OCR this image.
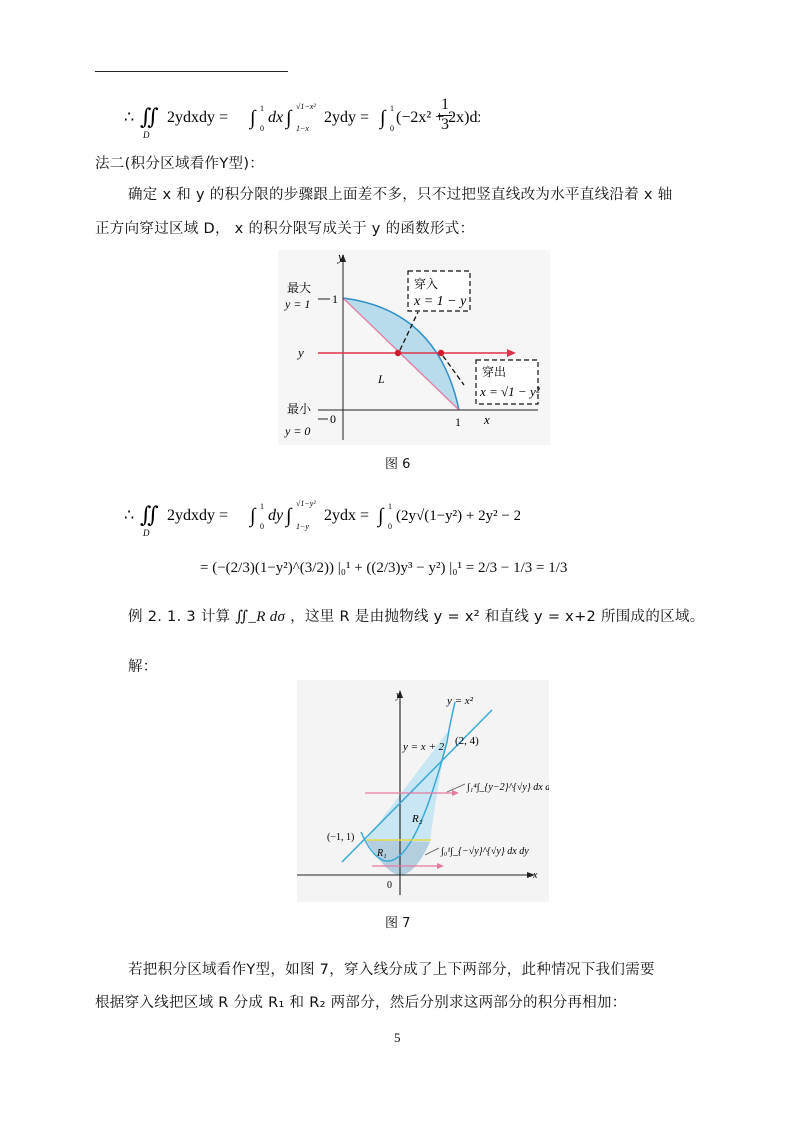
∴ ∬
D
2ydxdy = ∫ 0
1
dx ∫ 1−x
√1−x²
2ydy = ∫ 0
1
(−2x² + 2x)d
$\frac{1}{3}$
法二(积分区域看作Y型)：
确定 x 和 y 的积分限的步骤跟上面差不多，只不过把竖直线改为水平直线沿着 x 轴
正方向穿过区域 D， x 的积分限写成关于 y 的函数形式：
穿入
x = 1 − y
穿出
x = √1 − y²
y
x
最大
y = 1 1
y
L
最小
y = 0
0	1
图 6
∴ ∬
D
2ydxdy = ∫ 0
1
dy ∫ 1−y
√1−y²
2ydx = ∫ 0
1
(2y√(1−y²) + 2y² − 2
= (−(2/3)(1−y²)^(3/2)) |₀¹ + ((2/3)y³ − y²) |₀¹ = 2/3 − 1/3 = 1/3
例 2. 1. 3 计算 ∬_R dσ ，这里 R 是由抛物线 y = x² 和直线 y = x+2 所围成的区域。
解：
y
x
y = x²
y = x + 2 (2, 4)
(−1, 1)
R₂
R₁
0
∫₁⁴∫_{y−2}^{√y} dx dy
∫₀¹∫_{−√y}^{√y} dx dy
图 7
若把积分区域看作Y型，如图 7，穿入线分成了上下两部分，此种情况下我们需要
根据穿入线把区域 R 分成 R₁ 和 R₂ 两部分，然后分别求这两部分的积分再相加：
5
